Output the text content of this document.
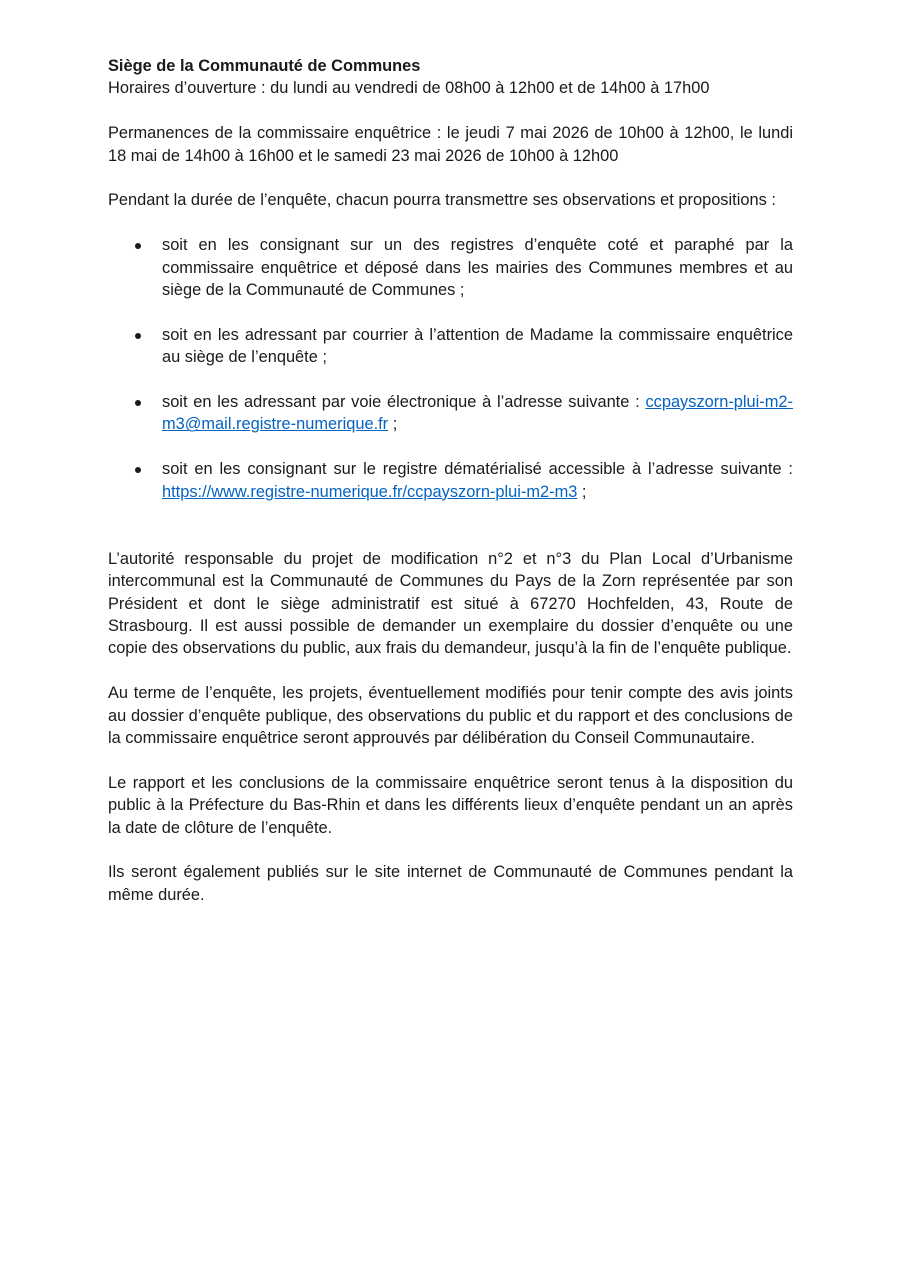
Siège de la Communauté de Communes

Horaires d’ouverture : du lundi au vendredi de 08h00 à 12h00 et de 14h00 à 17h00

Permanences de la commissaire enquêtrice : le jeudi 7 mai 2026 de 10h00 à 12h00, le lundi 18 mai de 14h00 à 16h00 et le samedi 23 mai 2026 de 10h00 à 12h00

Pendant la durée de l’enquête, chacun pourra transmettre ses observations et propositions :

soit en les consignant sur un des registres d’enquête coté et paraphé par la commissaire enquêtrice et déposé dans les mairies des Communes membres et au siège de la Communauté de Communes ;
soit en les adressant par courrier à l’attention de Madame la commissaire enquêtrice au siège de l’enquête ;
soit en les adressant par voie électronique à l’adresse suivante : ccpayszorn-plui-m2-m3@mail.registre-numerique.fr ;
soit en les consignant sur le registre dématérialisé accessible à l’adresse suivante : https://www.registre-numerique.fr/ccpayszorn-plui-m2-m3 ;

L’autorité responsable du projet de modification n°2 et n°3 du Plan Local d’Urbanisme intercommunal est la Communauté de Communes du Pays de la Zorn représentée par son Président et dont le siège administratif est situé à 67270 Hochfelden, 43, Route de Strasbourg. Il est aussi possible de demander un exemplaire du dossier d’enquête ou une copie des observations du public, aux frais du demandeur, jusqu’à la fin de l’enquête publique.

Au terme de l’enquête, les projets, éventuellement modifiés pour tenir compte des avis joints au dossier d’enquête publique, des observations du public et du rapport et des conclusions de la commissaire enquêtrice seront approuvés par délibération du Conseil Communautaire.

Le rapport et les conclusions de la commissaire enquêtrice seront tenus à la disposition du public à la Préfecture du Bas-Rhin et dans les différents lieux d’enquête pendant un an après la date de clôture de l’enquête.

Ils seront également publiés sur le site internet de Communauté de Communes pendant la même durée.
